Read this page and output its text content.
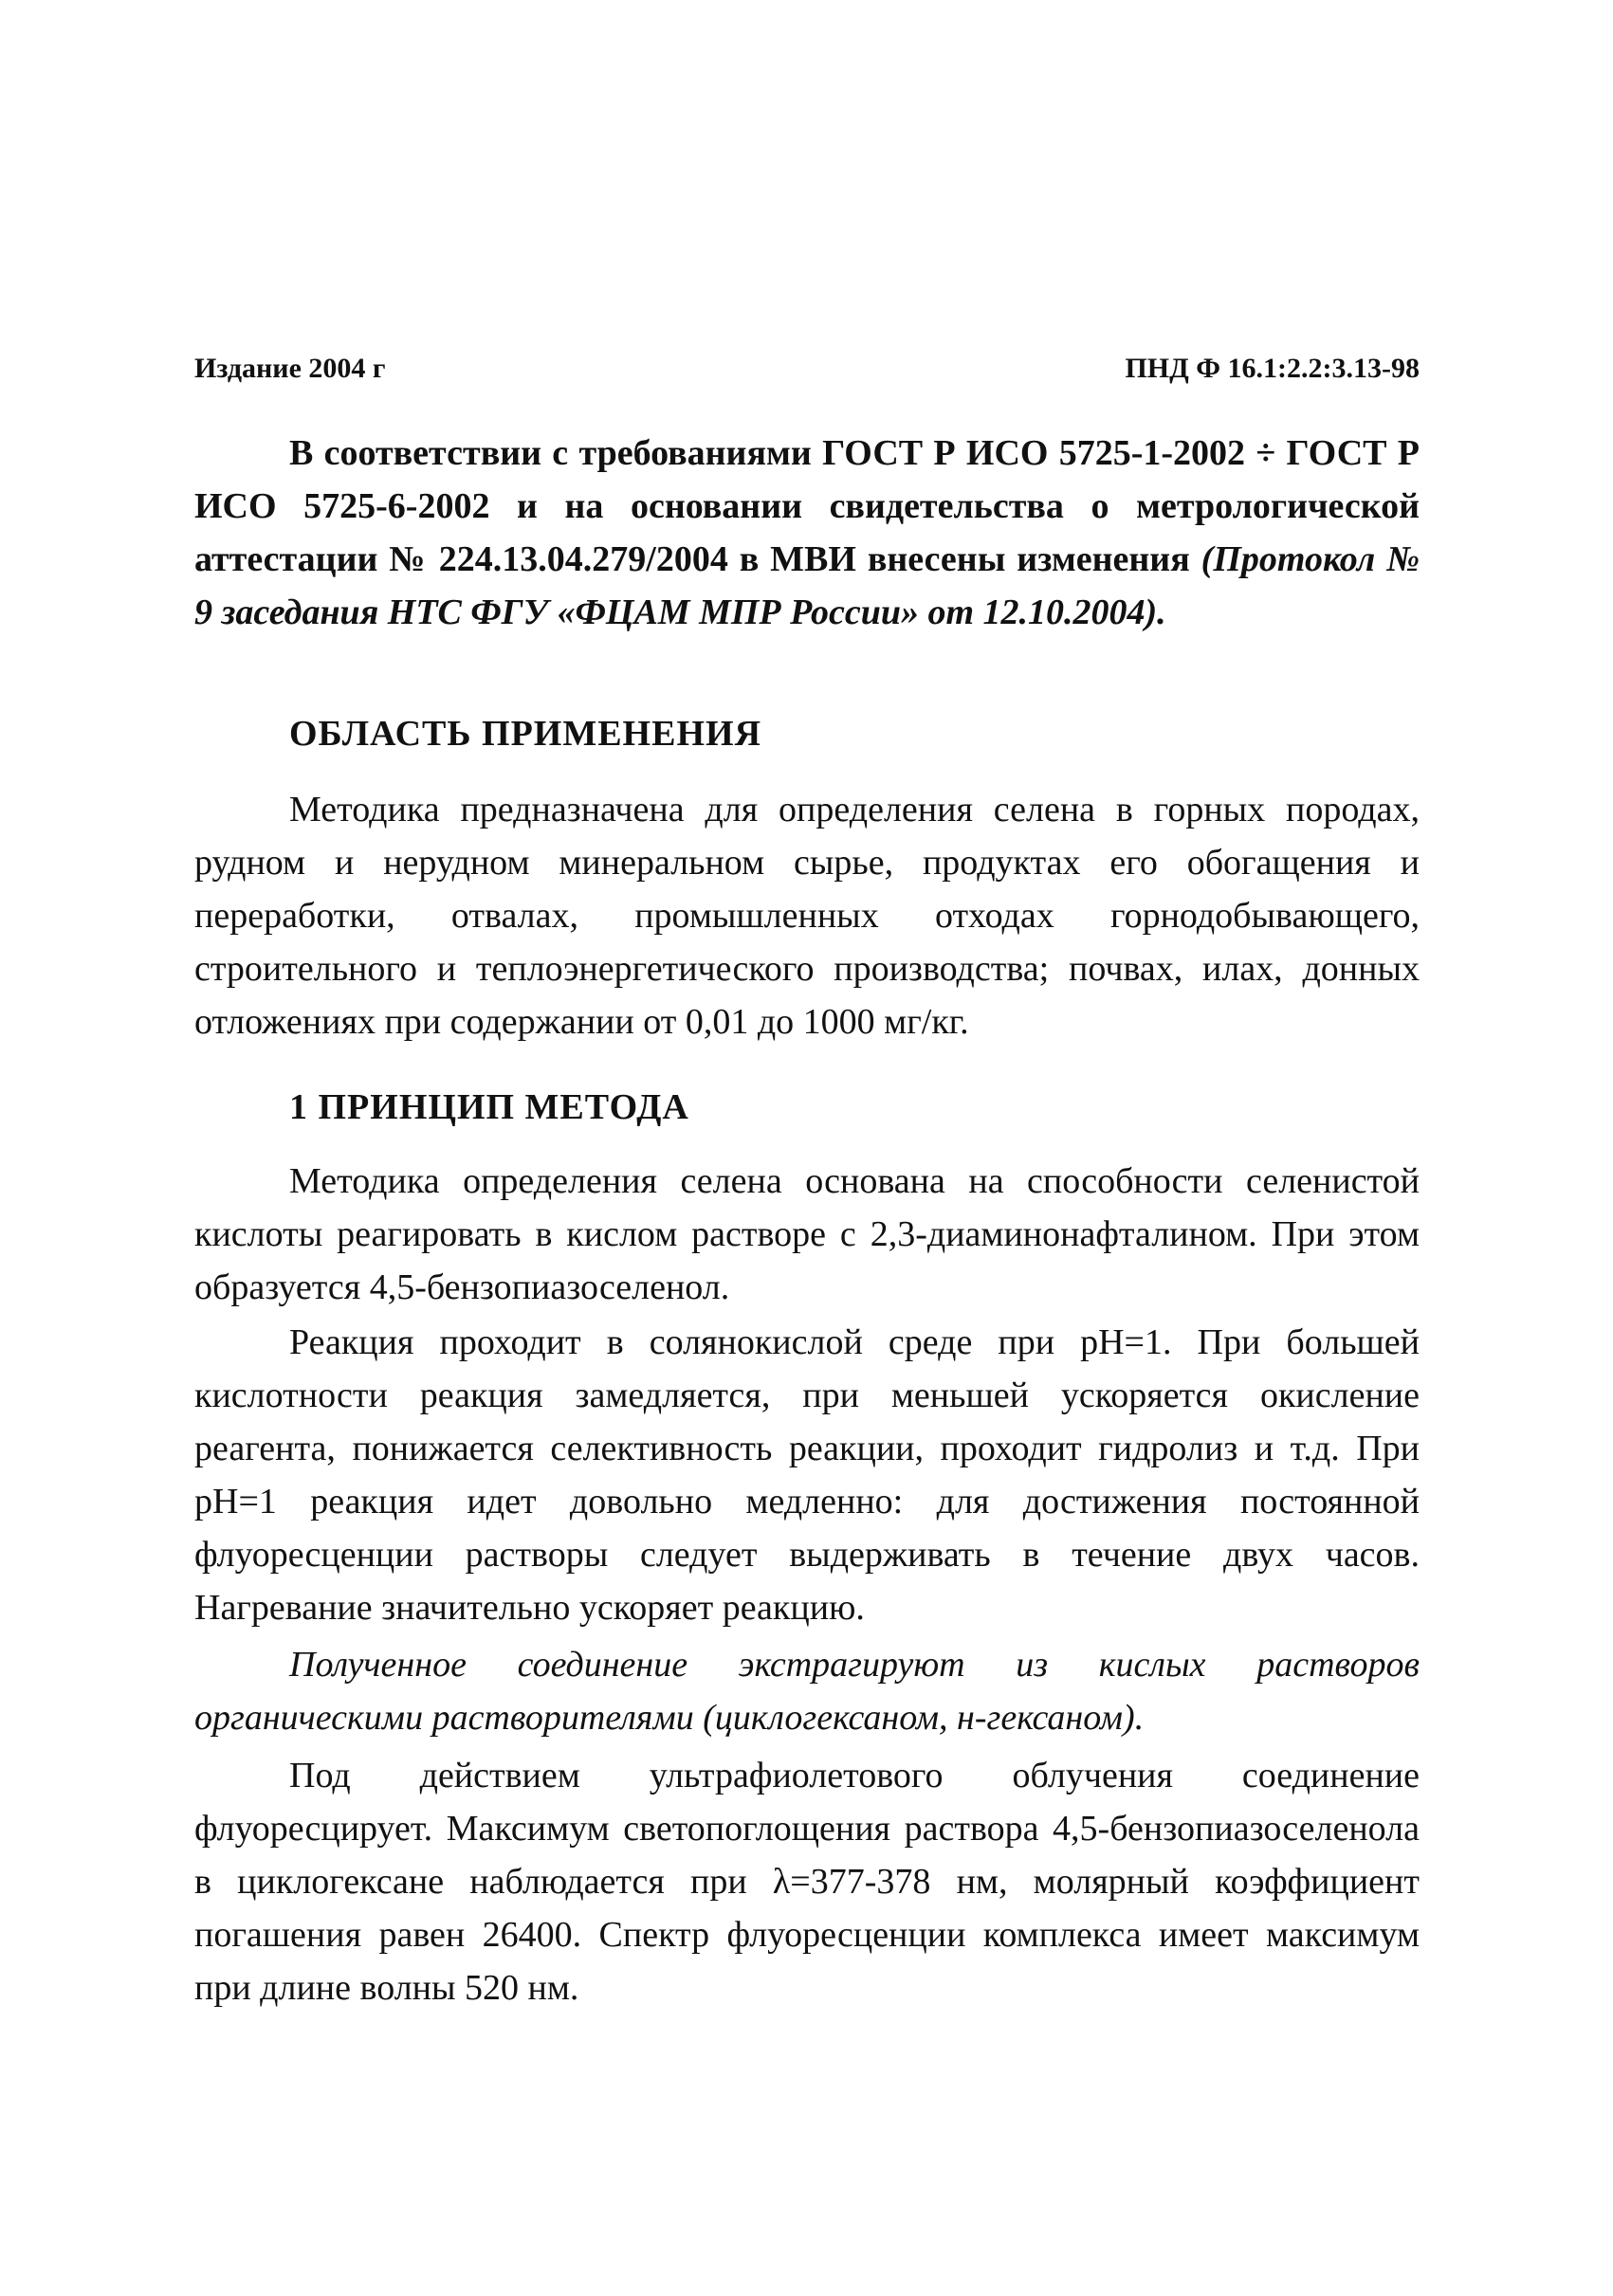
Издание 2004 г	ПНД Ф 16.1:2.2:3.13-98
В соответствии с требованиями ГОСТ Р ИСО 5725-1-2002 ÷ ГОСТ Р ИСО 5725-6-2002 и на основании свидетельства о метрологической аттестации № 224.13.04.279/2004 в МВИ внесены изменения (Протокол № 9 заседания НТС ФГУ «ФЦАМ МПР России» от 12.10.2004).
ОБЛАСТЬ ПРИМЕНЕНИЯ
Методика предназначена для определения селена в горных породах, рудном и нерудном минеральном сырье, продуктах его обогащения и переработки, отвалах, промышленных отходах горнодобывающего, строительного и теплоэнергетического производства; почвах, илах, донных отложениях при содержании от 0,01 до 1000 мг/кг.
1 ПРИНЦИП МЕТОДА
Методика определения селена основана на способности селенистой кислоты реагировать в кислом растворе с 2,3-диаминонафталином. При этом образуется 4,5-бензопиазоселенол.
Реакция проходит в солянокислой среде при pH=1. При большей кислотности реакция замедляется, при меньшей ускоряется окисление реагента, понижается селективность реакции, проходит гидролиз и т.д. При pH=1 реакция идет довольно медленно: для достижения постоянной флуоресценции растворы следует выдерживать в течение двух часов. Нагревание значительно ускоряет реакцию.
Полученное соединение экстрагируют из кислых растворов органическими растворителями (циклогексаном, н-гексаном).
Под действием ультрафиолетового облучения соединение флуоресцирует. Максимум светопоглощения раствора 4,5-бензопиазоселенола в циклогексане наблюдается при λ=377-378 нм, молярный коэффициент погашения равен 26400. Спектр флуоресценции комплекса имеет максимум при длине волны 520 нм.
